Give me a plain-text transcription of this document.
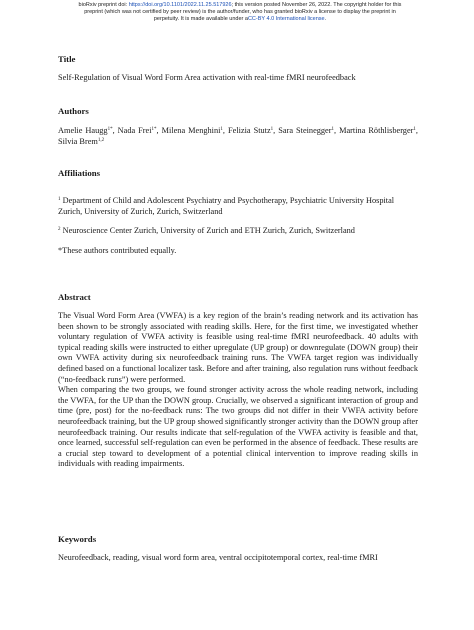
bioRxiv preprint doi: https://doi.org/10.1101/2022.11.25.517926; this version posted November 26, 2022. The copyright holder for this
preprint (which was not certified by peer review) is the author/funder, who has granted bioRxiv a license to display the preprint in
perpetuity. It is made available under aCC-BY 4.0 International license.
Title

Self-Regulation of Visual Word Form Area activation with real-time fMRI neurofeedback

Authors

Amelie Haugg$^{1*}$, Nada Frei$^{1*}$, Milena Menghini$^1$, Felizia Stutz$^1$, Sara Steinegger$^1$, Martina Röthlisberger$^1$, Silvia Brem$^{1,2}$

Affiliations

$^1$ Department of Child and Adolescent Psychiatry and Psychotherapy, Psychiatric University Hospital Zurich, University of Zurich, Zurich, Switzerland

$^2$ Neuroscience Center Zurich, University of Zurich and ETH Zurich, Zurich, Switzerland

*These authors contributed equally.

Abstract

The Visual Word Form Area (VWFA) is a key region of the brain’s reading network and its activation has been shown to be strongly associated with reading skills. Here, for the first time, we investigated whether voluntary regulation of VWFA activity is feasible using real-time fMRI neurofeedback. 40 adults with typical reading skills were instructed to either upregulate (UP group) or downregulate (DOWN group) their own VWFA activity during six neurofeedback training runs. The VWFA target region was individually defined based on a functional localizer task. Before and after training, also regulation runs without feedback (“no-feedback runs”) were performed.

When comparing the two groups, we found stronger activity across the whole reading network, including the VWFA, for the UP than the DOWN group. Crucially, we observed a significant interaction of group and time (pre, post) for the no-feedback runs: The two groups did not differ in their VWFA activity before neurofeedback training, but the UP group showed significantly stronger activity than the DOWN group after neurofeedback training. Our results indicate that self-regulation of the VWFA activity is feasible and that, once learned, successful self-regulation can even be performed in the absence of feedback. These results are a crucial step toward to development of a potential clinical intervention to improve reading skills in individuals with reading impairments.

Keywords

Neurofeedback, reading, visual word form area, ventral occipitotemporal cortex, real-time fMRI
